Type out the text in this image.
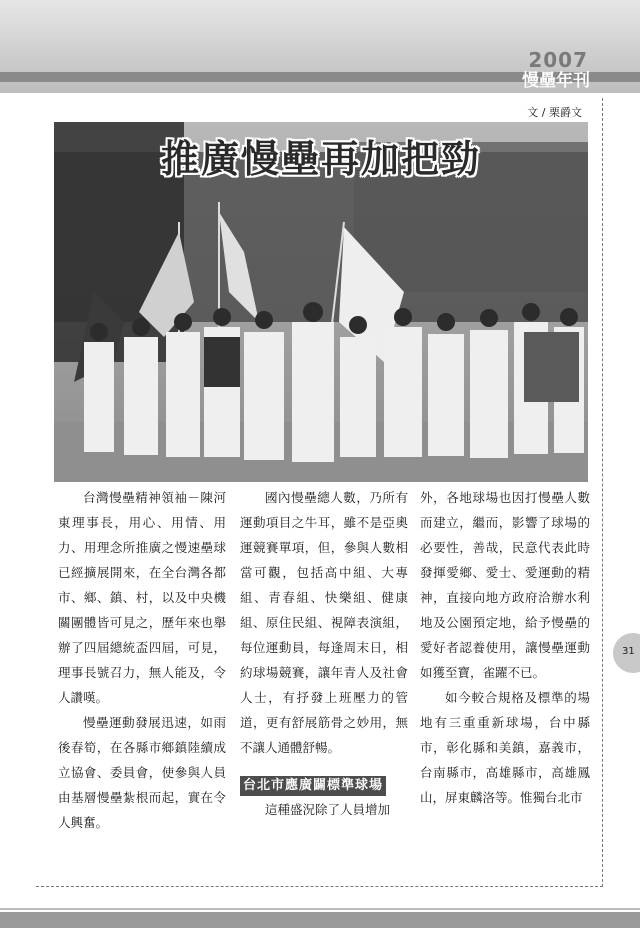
2007
慢壘年刊
文 / 栗爵文
推廣慢壘再加把勁

台灣慢壘精神領袖－陳河東理事長，用心、用情、用力、用理念所推廣之慢速壘球已經擴展開來，在全台灣各都市、鄉、鎮、村，以及中央機關團體皆可見之，歷年來也舉辦了四屆總統盃四屆，可見，理事長號召力，無人能及，令人讚嘆。

慢壘運動發展迅速，如雨後春筍，在各縣市鄉鎮陸續成立協會、委員會，使參與人員由基層慢壘紮根而起，實在令人興奮。

國內慢壘總人數，乃所有運動項目之牛耳，雖不是亞奧運競賽單項，但，參與人數相當可觀，包括高中組、大專組、青春組、快樂組、健康組、原住民組、視障表演組，每位運動員，每逢周末日，相約球場競賽，讓年青人及社會人士，有抒發上班壓力的管道，更有舒展筋骨之妙用，無不讓人通體舒暢。

台北市應廣闢標準球場

這種盛況除了人員增加

外，各地球場也因打慢壘人數而建立，繼而，影響了球場的必要性，善哉，民意代表此時發揮愛鄉、愛士、愛運動的精神，直接向地方政府洽辦水利地及公園預定地，給予慢壘的愛好者認養使用，讓慢壘運動如獲至寶，雀躍不已。

如今較合規格及標準的場地有三重重新球場，台中縣市，彰化縣和美鎮，嘉義市，台南縣市，高雄縣市，高雄鳳山，屏東麟洛等。惟獨台北市

31
